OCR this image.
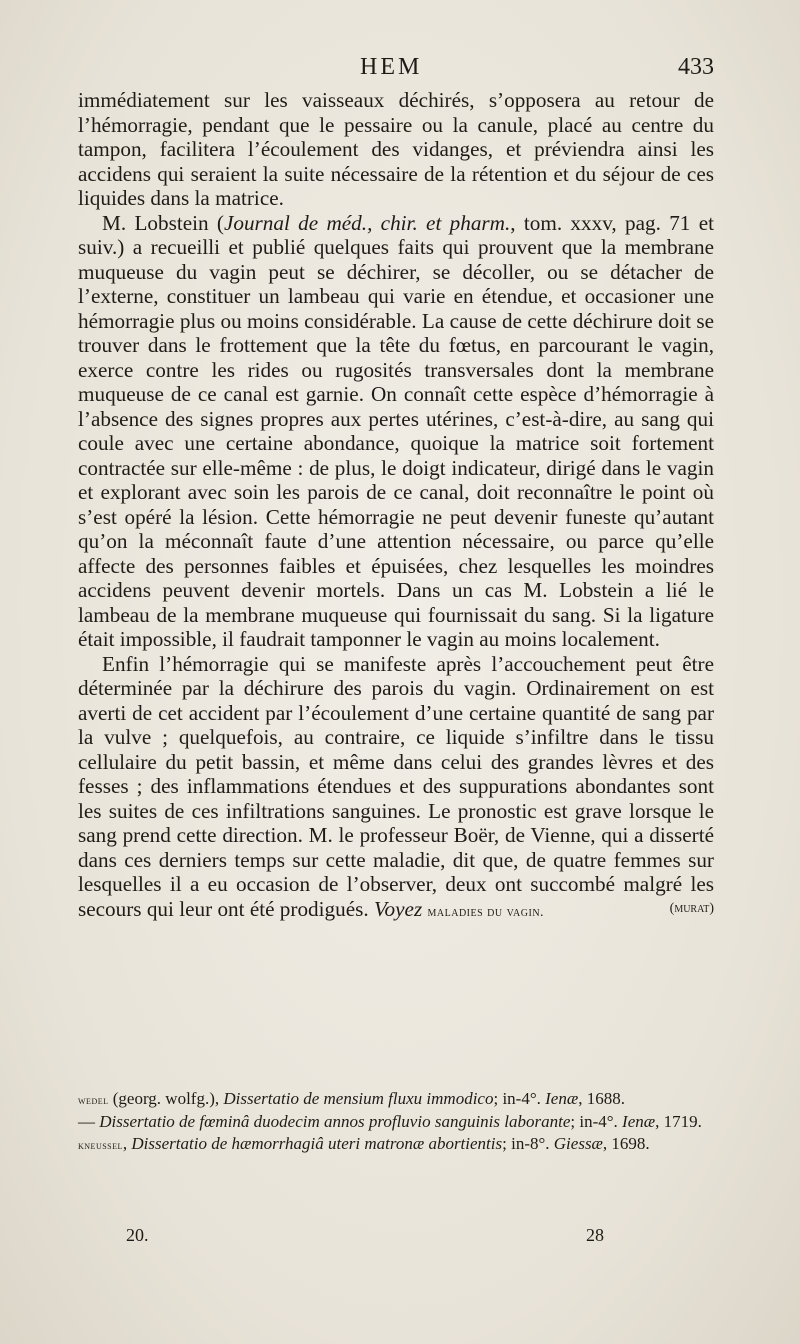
HEM	433

immédiatement sur les vaisseaux déchirés, s’opposera au retour de l’hémorragie, pendant que le pessaire ou la canule, placé au centre du tampon, facilitera l’écoulement des vidanges, et préviendra ainsi les accidens qui seraient la suite nécessaire de la rétention et du séjour de ces liquides dans la matrice.

M. Lobstein (Journal de méd., chir. et pharm., tom. xxxv, pag. 71 et suiv.) a recueilli et publié quelques faits qui prouvent que la membrane muqueuse du vagin peut se déchirer, se décoller, ou se détacher de l’externe, constituer un lambeau qui varie en étendue, et occasioner une hémorragie plus ou moins considérable. La cause de cette déchirure doit se trouver dans le frottement que la tête du fœtus, en parcourant le vagin, exerce contre les rides ou rugosités transversales dont la membrane muqueuse de ce canal est garnie. On connaît cette espèce d’hémorragie à l’absence des signes propres aux pertes utérines, c’est-à-dire, au sang qui coule avec une certaine abondance, quoique la matrice soit fortement contractée sur elle-même : de plus, le doigt indicateur, dirigé dans le vagin et explorant avec soin les parois de ce canal, doit reconnaître le point où s’est opéré la lésion. Cette hémorragie ne peut devenir funeste qu’autant qu’on la méconnaît faute d’une attention nécessaire, ou parce qu’elle affecte des personnes faibles et épuisées, chez lesquelles les moindres accidens peuvent devenir mortels. Dans un cas M. Lobstein a lié le lambeau de la membrane muqueuse qui fournissait du sang. Si la ligature était impossible, il faudrait tamponner le vagin au moins localement.

Enfin l’hémorragie qui se manifeste après l’accouchement peut être déterminée par la déchirure des parois du vagin. Ordinairement on est averti de cet accident par l’écoulement d’une certaine quantité de sang par la vulve ; quelquefois, au contraire, ce liquide s’infiltre dans le tissu cellulaire du petit bassin, et même dans celui des grandes lèvres et des fesses ; des inflammations étendues et des suppurations abondantes sont les suites de ces infiltrations sanguines. Le pronostic est grave lorsque le sang prend cette direction. M. le professeur Boër, de Vienne, qui a disserté dans ces derniers temps sur cette maladie, dit que, de quatre femmes sur lesquelles il a eu occasion de l’observer, deux ont succombé malgré les secours qui leur ont été prodigués. Voyez maladies du vagin.	(murat)

wedel (georg. wolfg.), Dissertatio de mensium fluxu immodico; in-4°. Ienæ, 1688.

— Dissertatio de fœminâ duodecim annos profluvio sanguinis laborante; in-4°. Ienæ, 1719.

kneussel, Dissertatio de hæmorrhagiâ uteri matronæ abortientis; in-8°. Giessæ, 1698.

20.	28
